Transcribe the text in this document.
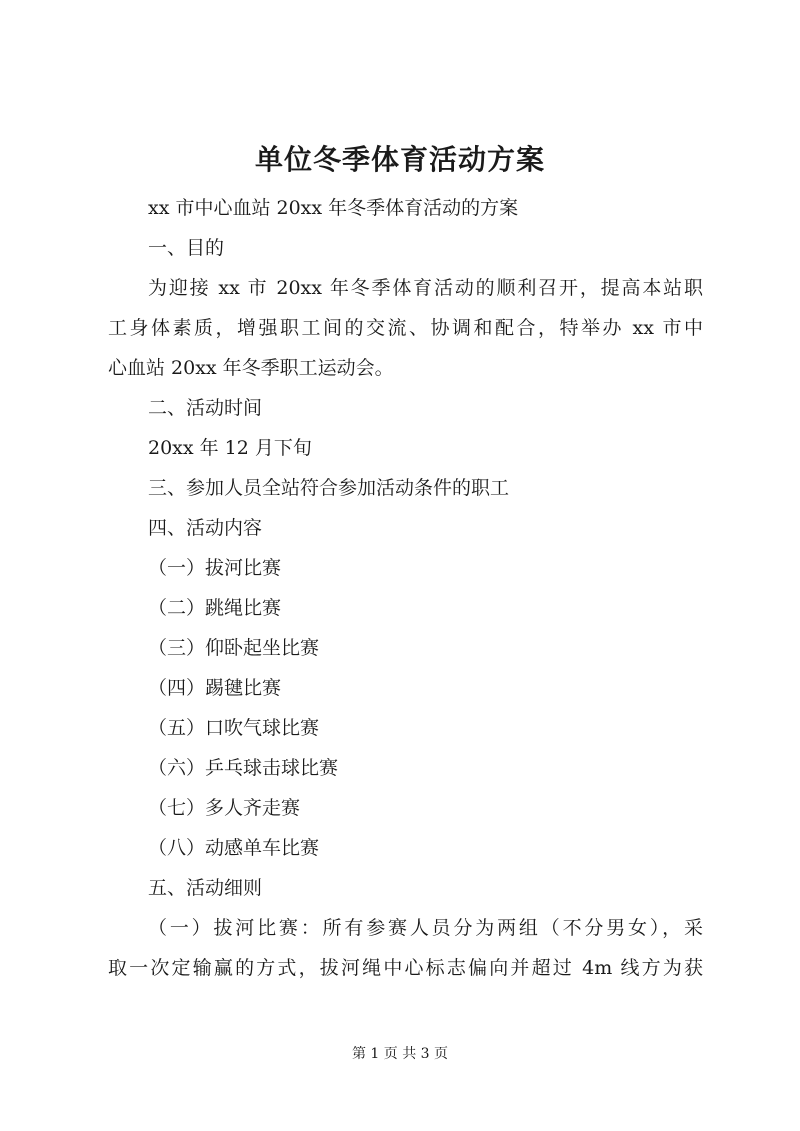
单位冬季体育活动方案

xx 市中心血站 20xx 年冬季体育活动的方案

一、目的

为迎接 xx 市 20xx 年冬季体育活动的顺利召开，提高本站职

工身体素质，增强职工间的交流、协调和配合，特举办 xx 市中

心血站 20xx 年冬季职工运动会。

二、活动时间

20xx 年 12 月下旬

三、参加人员全站符合参加活动条件的职工

四、活动内容

（一）拔河比赛

（二）跳绳比赛

（三）仰卧起坐比赛

（四）踢毽比赛

（五）口吹气球比赛

（六）乒乓球击球比赛

（七）多人齐走赛

（八）动感单车比赛

五、活动细则

（一）拔河比赛：所有参赛人员分为两组（不分男女），采

取一次定输赢的方式，拔河绳中心标志偏向并超过 4m 线方为获

第 1 页 共 3 页
